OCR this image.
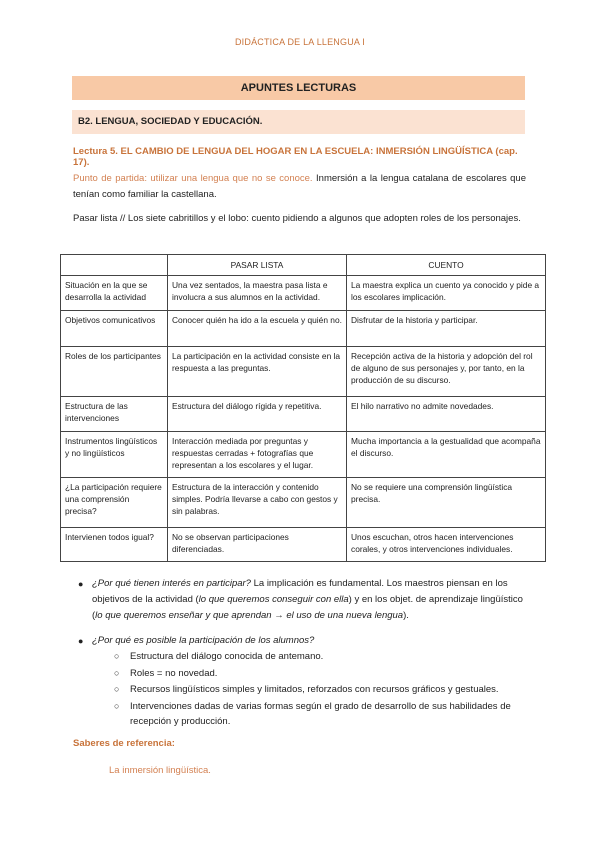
DIDÁCTICA DE LA LLENGUA I
APUNTES LECTURAS
B2. LENGUA, SOCIEDAD Y EDUCACIÓN.
Lectura 5. EL CAMBIO DE LENGUA DEL HOGAR EN LA ESCUELA: INMERSIÓN LINGÜÍSTICA (cap. 17).
Punto de partida: utilizar una lengua que no se conoce. Inmersión a la lengua catalana de escolares que tenían como familiar la castellana.
Pasar lista // Los siete cabritillos y el lobo: cuento pidiendo a algunos que adopten roles de los personajes.
	PASAR LISTA	CUENTO
Situación en la que se desarrolla la actividad	Una vez sentados, la maestra pasa lista e involucra a sus alumnos en la actividad.	La maestra explica un cuento ya conocido y pide a los escolares implicación.
Objetivos comunicativos	Conocer quién ha ido a la escuela y quién no.	Disfrutar de la historia y participar.
Roles de los participantes	La participación en la actividad consiste en la respuesta a las preguntas.	Recepción activa de la historia y adopción del rol de alguno de sus personajes y, por tanto, en la producción de su discurso.
Estructura de las intervenciones	Estructura del diálogo rígida y repetitiva.	El hilo narrativo no admite novedades.
Instrumentos lingüísticos y no lingüísticos	Interacción mediada por preguntas y respuestas cerradas + fotografías que representan a los escolares y el lugar.	Mucha importancia a la gestualidad que acompaña el discurso.
¿La participación requiere una comprensión precisa?	Estructura de la interacción y contenido simples. Podría llevarse a cabo con gestos y sin palabras.	No se requiere una comprensión lingüística precisa.
Intervienen todos igual?	No se observan participaciones diferenciadas.	Unos escuchan, otros hacen intervenciones corales, y otros intervenciones individuales.
● ¿Por qué tienen interés en participar? La implicación es fundamental. Los maestros piensan en los objetivos de la actividad (lo que queremos conseguir con ella) y en los objet. de aprendizaje lingüístico (lo que queremos enseñar y que aprendan → el uso de una nueva lengua).
● ¿Por qué es posible la participación de los alumnos?
○ Estructura del diálogo conocida de antemano.
○ Roles = no novedad.
○ Recursos lingüísticos simples y limitados, reforzados con recursos gráficos y gestuales.
○ Intervenciones dadas de varias formas según el grado de desarrollo de sus habilidades de recepción y producción.
Saberes de referencia:
La inmersión lingüística.
